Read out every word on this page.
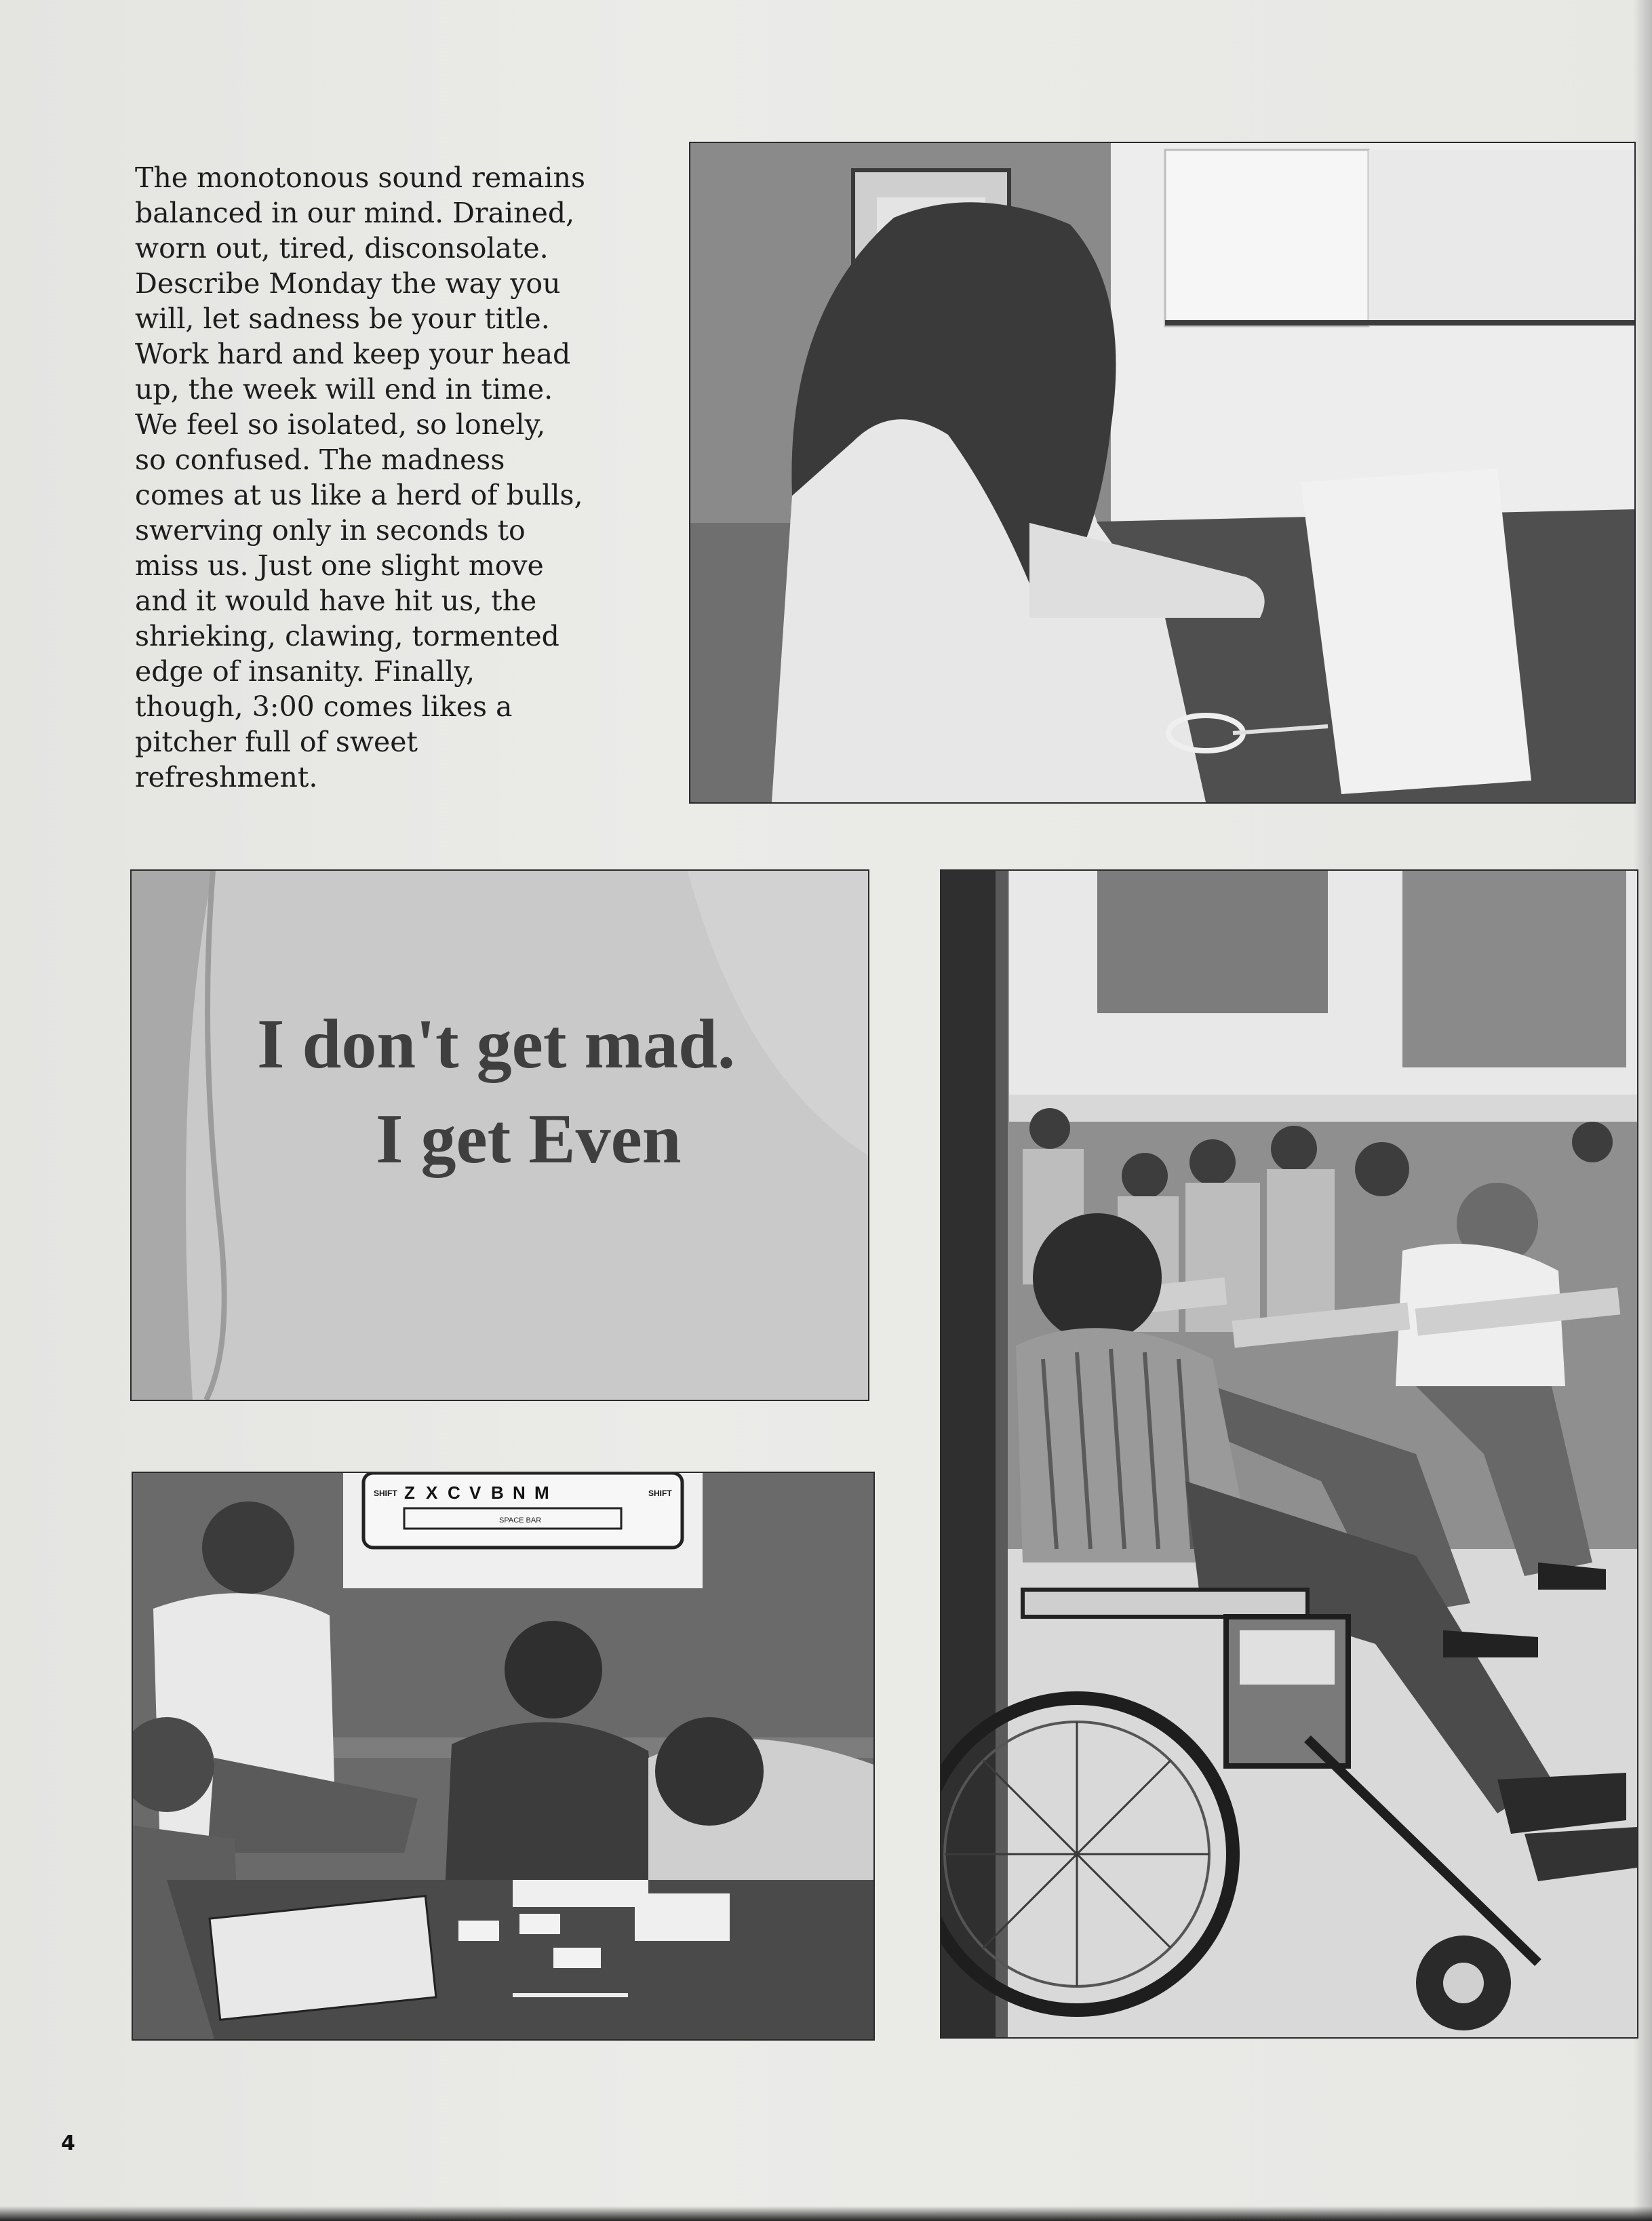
The monotonous sound remains
balanced in our mind. Drained,
worn out, tired, disconsolate.
Describe Monday the way you
will, let sadness be your title.
Work hard and keep your head
up, the week will end in time.
We feel so isolated, so lonely,
so confused. The madness
comes at us like a herd of bulls,
swerving only in seconds to
miss us. Just one slight move
and it would have hit us, the
shrieking, clawing, tormented
edge of insanity. Finally,
though, 3:00 comes likes a
pitcher full of sweet
refreshment.

I don't get mad.
I get Even
SHIFT Z X C V B N M	SHIFT
SPACE BAR
4
